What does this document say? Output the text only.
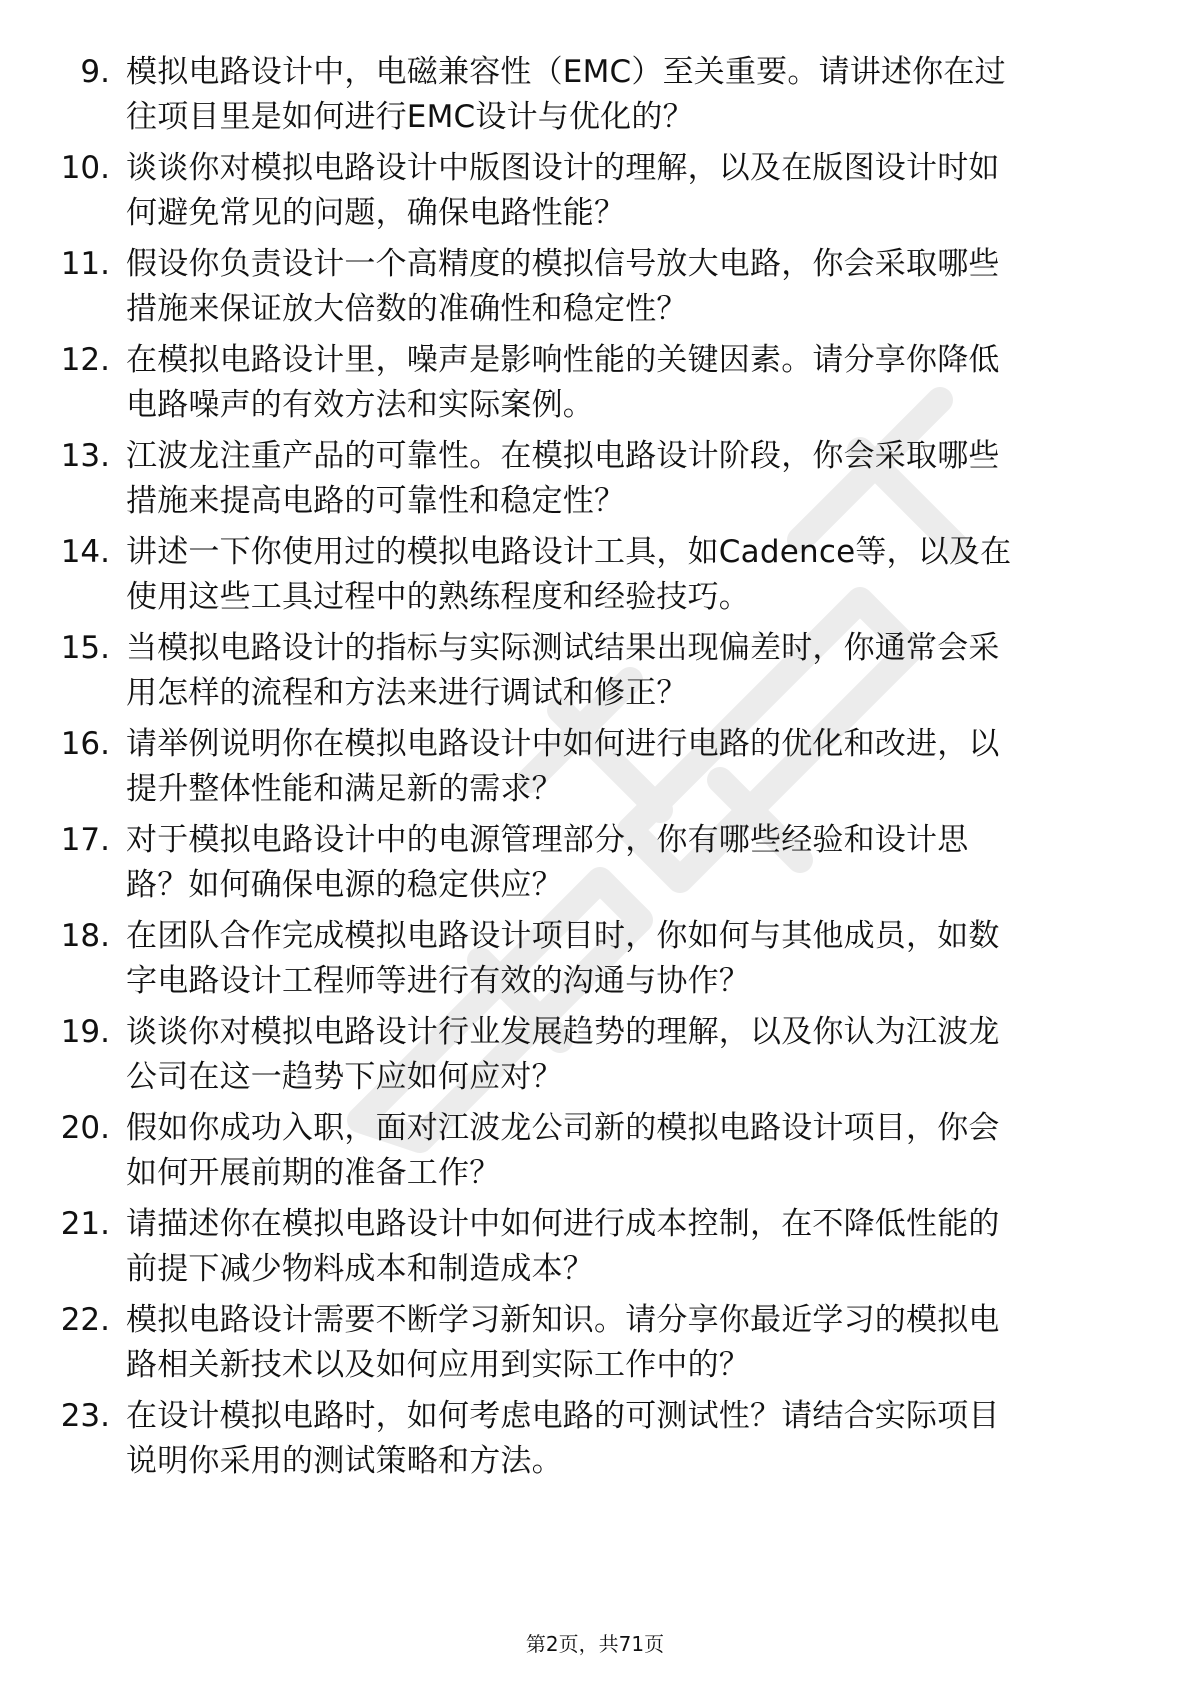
9. 模拟电路设计中，电磁兼容性（EMC）至关重要。请讲述你在过
往项目里是如何进行EMC设计与优化的？
10. 谈谈你对模拟电路设计中版图设计的理解，以及在版图设计时如
何避免常见的问题，确保电路性能？
11. 假设你负责设计一个高精度的模拟信号放大电路，你会采取哪些
措施来保证放大倍数的准确性和稳定性？
12. 在模拟电路设计里，噪声是影响性能的关键因素。请分享你降低
电路噪声的有效方法和实际案例。
13. 江波龙注重产品的可靠性。在模拟电路设计阶段，你会采取哪些
措施来提高电路的可靠性和稳定性？
14. 讲述一下你使用过的模拟电路设计工具，如Cadence等，以及在
使用这些工具过程中的熟练程度和经验技巧。
15. 当模拟电路设计的指标与实际测试结果出现偏差时，你通常会采
用怎样的流程和方法来进行调试和修正？
16. 请举例说明你在模拟电路设计中如何进行电路的优化和改进，以
提升整体性能和满足新的需求？
17. 对于模拟电路设计中的电源管理部分，你有哪些经验和设计思
路？如何确保电源的稳定供应？
18. 在团队合作完成模拟电路设计项目时，你如何与其他成员，如数
字电路设计工程师等进行有效的沟通与协作？
19. 谈谈你对模拟电路设计行业发展趋势的理解，以及你认为江波龙
公司在这一趋势下应如何应对？
20. 假如你成功入职，面对江波龙公司新的模拟电路设计项目，你会
如何开展前期的准备工作？
21. 请描述你在模拟电路设计中如何进行成本控制，在不降低性能的
前提下减少物料成本和制造成本？
22. 模拟电路设计需要不断学习新知识。请分享你最近学习的模拟电
路相关新技术以及如何应用到实际工作中的？
23. 在设计模拟电路时，如何考虑电路的可测试性？请结合实际项目
说明你采用的测试策略和方法。
第2页，共71页
